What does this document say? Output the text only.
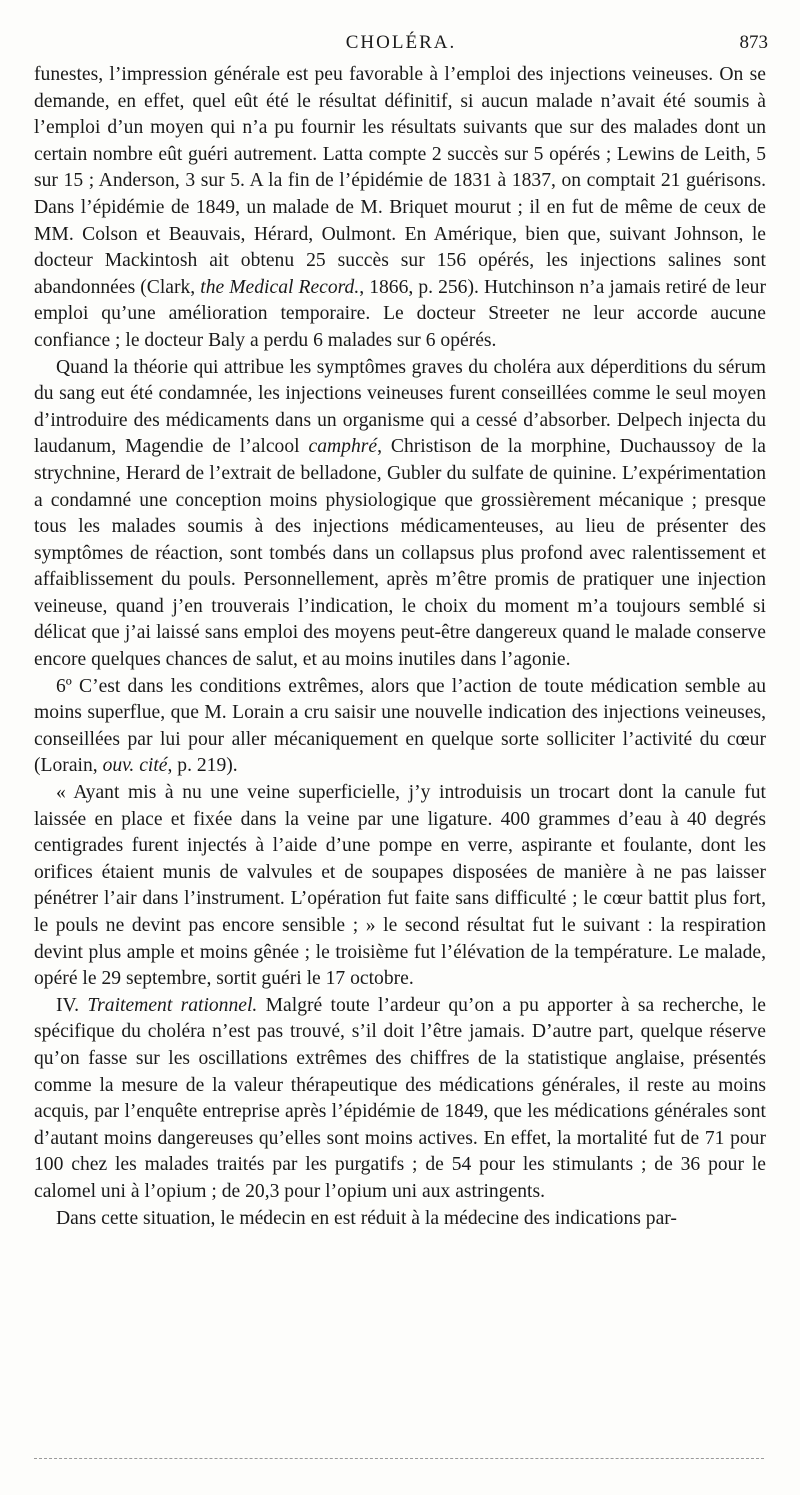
CHOLÉRA.	873

funestes, l’impression générale est peu favorable à l’emploi des injections veineuses. On se demande, en effet, quel eût été le résultat définitif, si aucun malade n’avait été soumis à l’emploi d’un moyen qui n’a pu fournir les résultats suivants que sur des malades dont un certain nombre eût guéri autrement. Latta compte 2 succès sur 5 opérés ; Lewins de Leith, 5 sur 15 ; Anderson, 3 sur 5. A la fin de l’épidémie de 1831 à 1837, on comptait 21 guérisons. Dans l’épidémie de 1849, un malade de M. Briquet mourut ; il en fut de même de ceux de MM. Colson et Beauvais, Hérard, Oulmont. En Amérique, bien que, suivant Johnson, le docteur Mackintosh ait obtenu 25 succès sur 156 opérés, les injections salines sont abandonnées (Clark, the Medical Record., 1866, p. 256). Hutchinson n’a jamais retiré de leur emploi qu’une amélioration temporaire. Le docteur Streeter ne leur accorde aucune confiance ; le docteur Baly a perdu 6 malades sur 6 opérés.

Quand la théorie qui attribue les symptômes graves du choléra aux déperditions du sérum du sang eut été condamnée, les injections veineuses furent conseillées comme le seul moyen d’introduire des médicaments dans un organisme qui a cessé d’absorber. Delpech injecta du laudanum, Magendie de l’alcool camphré, Christison de la morphine, Duchaussoy de la strychnine, Herard de l’extrait de belladone, Gubler du sulfate de quinine. L’expérimentation a condamné une conception moins physiologique que grossièrement mécanique ; presque tous les malades soumis à des injections médicamenteuses, au lieu de présenter des symptômes de réaction, sont tombés dans un collapsus plus profond avec ralentissement et affaiblissement du pouls. Personnellement, après m’être promis de pratiquer une injection veineuse, quand j’en trouverais l’indication, le choix du moment m’a toujours semblé si délicat que j’ai laissé sans emploi des moyens peut-être dangereux quand le malade conserve encore quelques chances de salut, et au moins inutiles dans l’agonie.

6º C’est dans les conditions extrêmes, alors que l’action de toute médication semble au moins superflue, que M. Lorain a cru saisir une nouvelle indication des injections veineuses, conseillées par lui pour aller mécaniquement en quelque sorte solliciter l’activité du cœur (Lorain, ouv. cité, p. 219).

« Ayant mis à nu une veine superficielle, j’y introduisis un trocart dont la canule fut laissée en place et fixée dans la veine par une ligature. 400 grammes d’eau à 40 degrés centigrades furent injectés à l’aide d’une pompe en verre, aspirante et foulante, dont les orifices étaient munis de valvules et de soupapes disposées de manière à ne pas laisser pénétrer l’air dans l’instrument. L’opération fut faite sans difficulté ; le cœur battit plus fort, le pouls ne devint pas encore sensible ; » le second résultat fut le suivant : la respiration devint plus ample et moins gênée ; le troisième fut l’élévation de la température. Le malade, opéré le 29 septembre, sortit guéri le 17 octobre.

IV. Traitement rationnel. Malgré toute l’ardeur qu’on a pu apporter à sa recherche, le spécifique du choléra n’est pas trouvé, s’il doit l’être jamais. D’autre part, quelque réserve qu’on fasse sur les oscillations extrêmes des chiffres de la statistique anglaise, présentés comme la mesure de la valeur thérapeutique des médications générales, il reste au moins acquis, par l’enquête entreprise après l’épidémie de 1849, que les médications générales sont d’autant moins dangereuses qu’elles sont moins actives. En effet, la mortalité fut de 71 pour 100 chez les malades traités par les purgatifs ; de 54 pour les stimulants ; de 36 pour le calomel uni à l’opium ; de 20,3 pour l’opium uni aux astringents.

Dans cette situation, le médecin en est réduit à la médecine des indications par-
